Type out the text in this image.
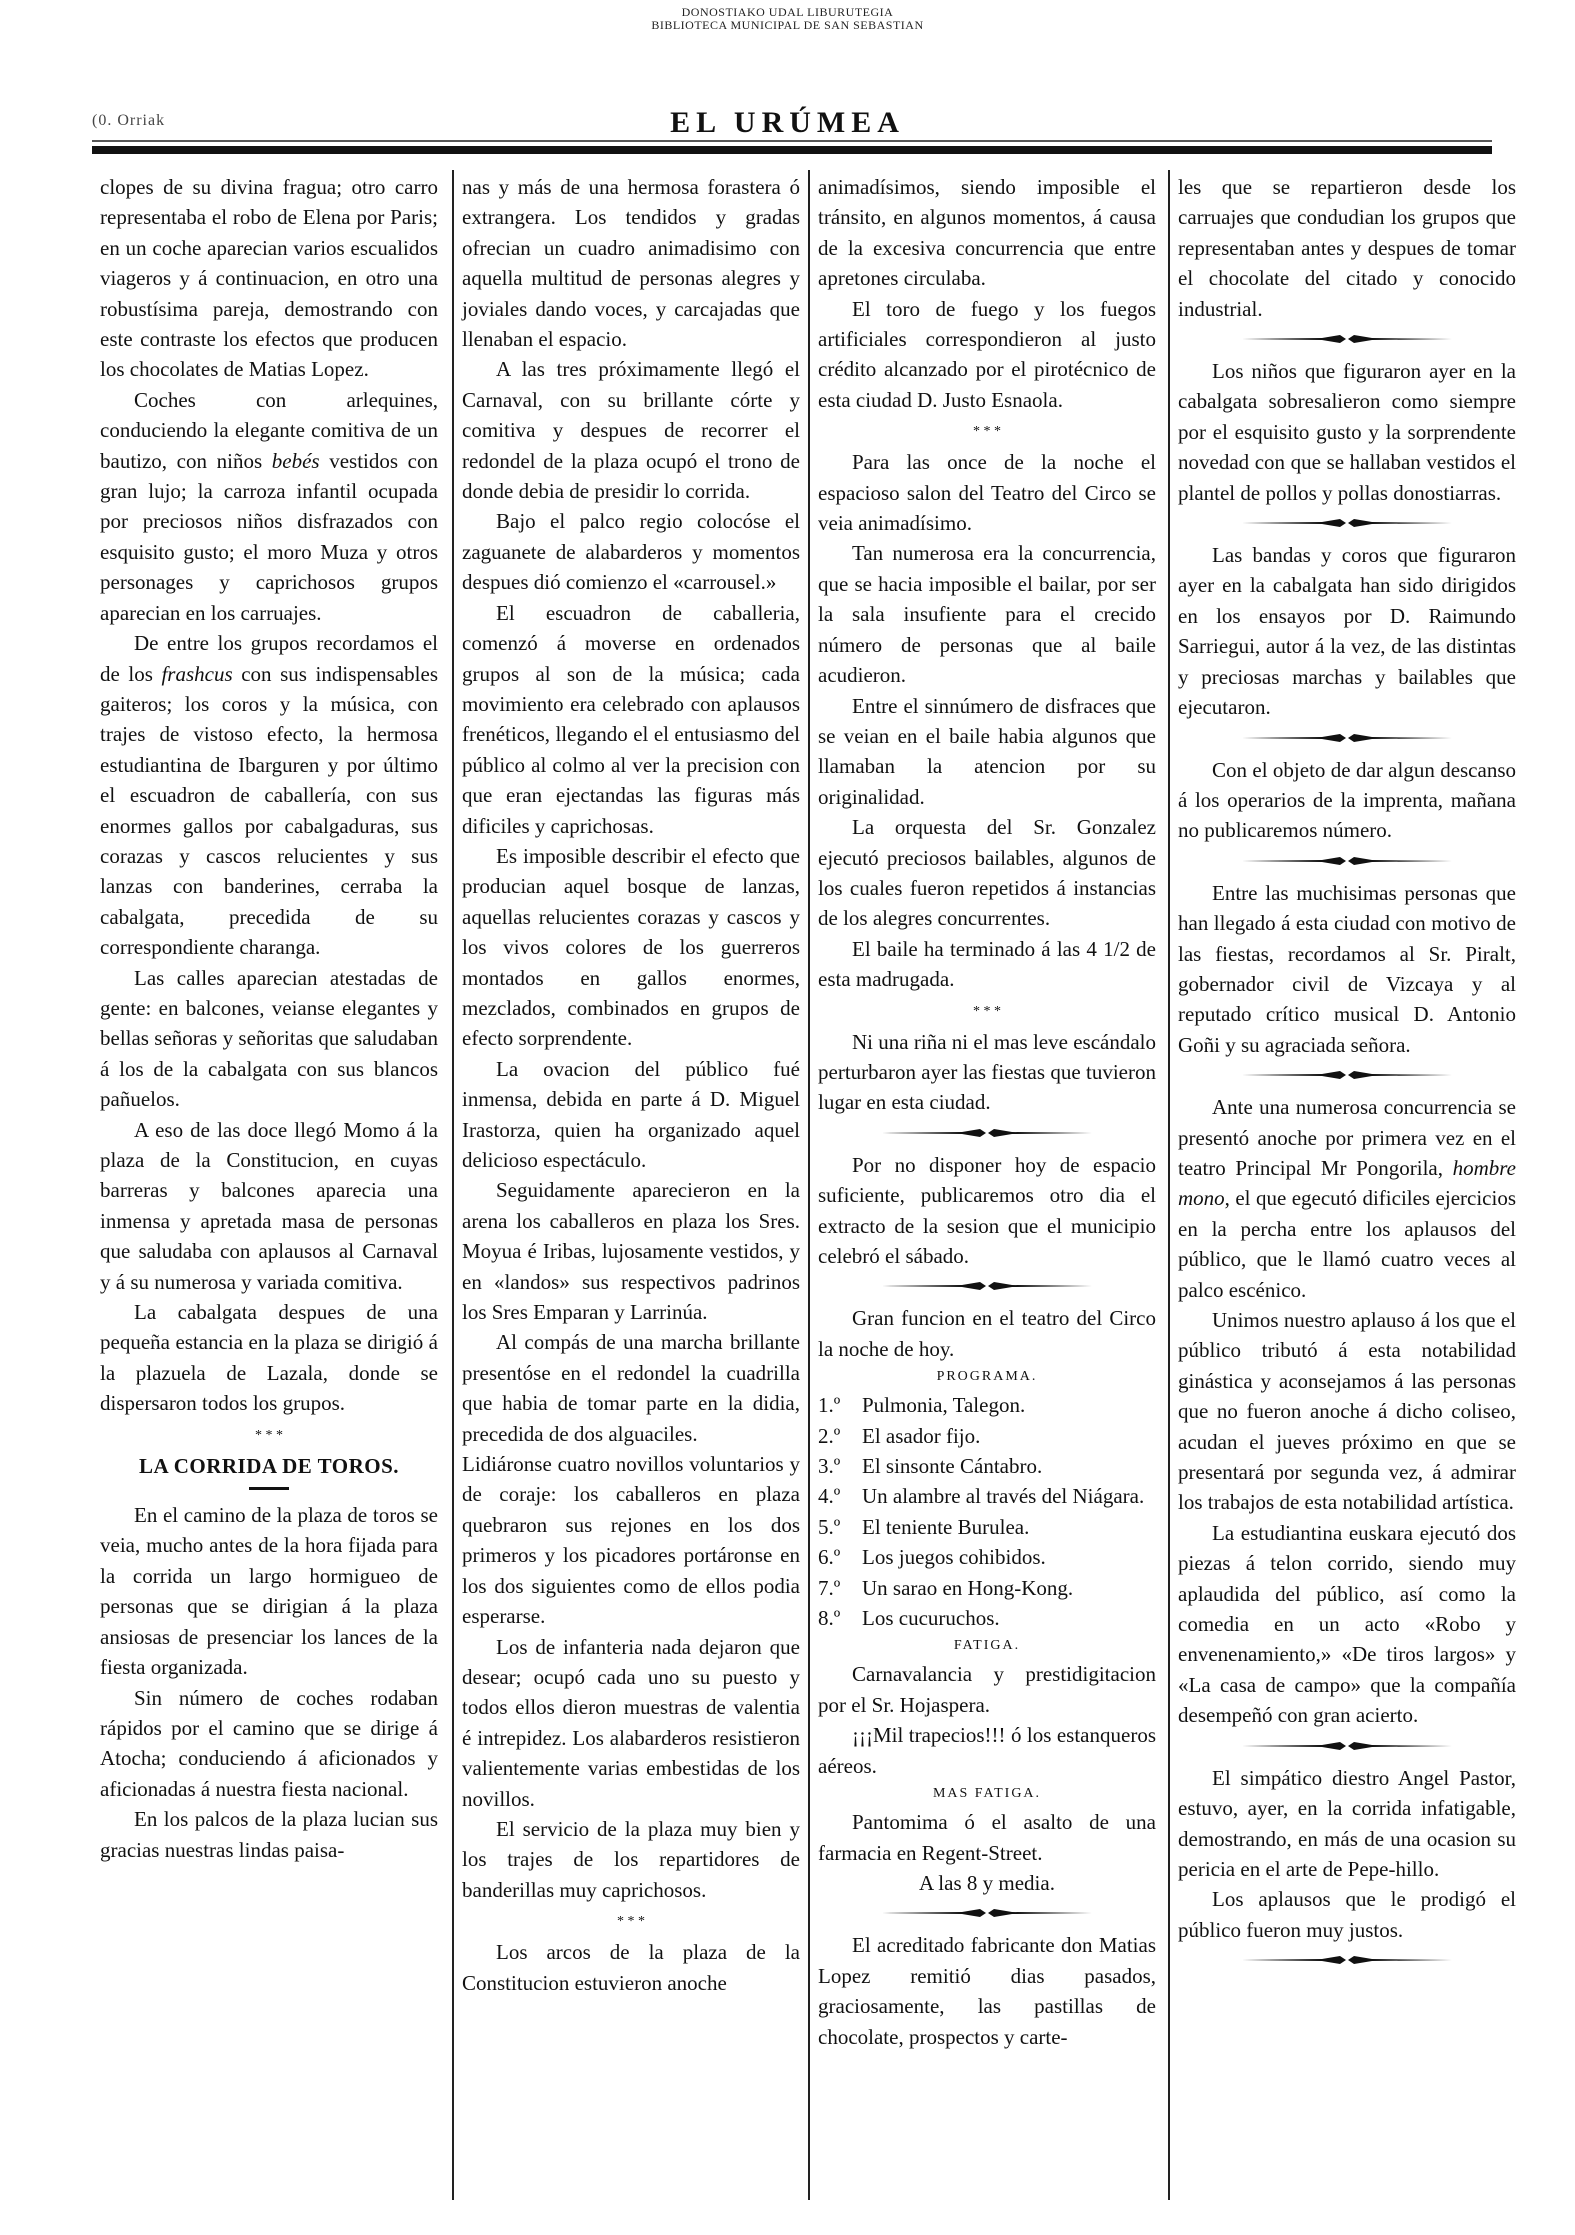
DONOSTIAKO UDAL LIBURUTEGIA
BIBLIOTECA MUNICIPAL DE SAN SEBASTIAN
(0. Orriak	EL URÚMEA

clopes de su divina fragua; otro carro representaba el robo de Elena por Paris; en un coche aparecian varios escualidos viageros y á continuacion, en otro una robustísima pareja, demostrando con este contraste los efectos que producen los chocolates de Matias Lopez.

Coches con arlequines, conduciendo la elegante comitiva de un bautizo, con niños bebés vestidos con gran lujo; la carroza infantil ocupada por preciosos niños disfrazados con esquisito gusto; el moro Muza y otros personages y caprichosos grupos aparecian en los carruajes.

De entre los grupos recordamos el de los frashcus con sus indispensables gaiteros; los coros y la música, con trajes de vistoso efecto, la hermosa estudiantina de Ibarguren y por último el escuadron de caballería, con sus enormes gallos por cabalgaduras, sus corazas y cascos relucientes y sus lanzas con banderines, cerraba la cabalgata, precedida de su correspondiente charanga.

Las calles aparecian atestadas de gente: en balcones, veianse elegantes y bellas señoras y señoritas que saludaban á los de la cabalgata con sus blancos pañuelos.

A eso de las doce llegó Momo á la plaza de la Constitucion, en cuyas barreras y balcones aparecia una inmensa y apretada masa de personas que saludaba con aplausos al Carnaval y á su numerosa y variada comitiva.

La cabalgata despues de una pequeña estancia en la plaza se dirigió á la plazuela de Lazala, donde se dispersaron todos los grupos.

* * *
LA CORRIDA DE TOROS.

En el camino de la plaza de toros se veia, mucho antes de la hora fijada para la corrida un largo hormigueo de personas que se dirigian á la plaza ansiosas de presenciar los lances de la fiesta organizada.

Sin número de coches rodaban rápidos por el camino que se dirige á Atocha; conduciendo á aficionados y aficionadas á nuestra fiesta nacional.

En los palcos de la plaza lucian sus gracias nuestras lindas paisa-

nas y más de una hermosa forastera ó extrangera. Los tendidos y gradas ofrecian un cuadro animadisimo con aquella multitud de personas alegres y joviales dando voces, y carcajadas que llenaban el espacio.

A las tres próximamente llegó el Carnaval, con su brillante córte y comitiva y despues de recorrer el redondel de la plaza ocupó el trono de donde debia de presidir lo corrida.

Bajo el palco regio colocóse el zaguanete de alabarderos y momentos despues dió comienzo el «carrousel.»

El escuadron de caballeria, comenzó á moverse en ordenados grupos al son de la música; cada movimiento era celebrado con aplausos frenéticos, llegando el el entusiasmo del público al colmo al ver la precision con que eran ejectandas las figuras más dificiles y caprichosas.

Es imposible describir el efecto que producian aquel bosque de lanzas, aquellas relucientes corazas y cascos y los vivos colores de los guerreros montados en gallos enormes, mezclados, combinados en grupos de efecto sorprendente.

La ovacion del público fué inmensa, debida en parte á D. Miguel Irastorza, quien ha organizado aquel delicioso espectáculo.

Seguidamente aparecieron en la arena los caballeros en plaza los Sres. Moyua é Iribas, lujosamente vestidos, y en «landos» sus respectivos padrinos los Sres Emparan y Larrinúa.

Al compás de una marcha brillante presentóse en el redondel la cuadrilla que habia de tomar parte en la didia, precedida de dos alguaciles.

Lidiáronse cuatro novillos voluntarios y de coraje: los caballeros en plaza quebraron sus rejones en los dos primeros y los picadores portáronse en los dos siguientes como de ellos podia esperarse.

Los de infanteria nada dejaron que desear; ocupó cada uno su puesto y todos ellos dieron muestras de valentia é intrepidez. Los alabarderos resistieron valientemente varias embestidas de los novillos.

El servicio de la plaza muy bien y los trajes de los repartidores de banderillas muy caprichosos.

* * *

Los arcos de la plaza de la Constitucion estuvieron anoche

animadísimos, siendo imposible el tránsito, en algunos momentos, á causa de la excesiva concurrencia que entre apretones circulaba.

El toro de fuego y los fuegos artificiales correspondieron al justo crédito alcanzado por el pirotécnico de esta ciudad D. Justo Esnaola.

* * *

Para las once de la noche el espacioso salon del Teatro del Circo se veia animadísimo.

Tan numerosa era la concurrencia, que se hacia imposible el bailar, por ser la sala insufiente para el crecido número de personas que al baile acudieron.

Entre el sinnúmero de disfraces que se veian en el baile habia algunos que llamaban la atencion por su originalidad.

La orquesta del Sr. Gonzalez ejecutó preciosos bailables, algunos de los cuales fueron repetidos á instancias de los alegres concurrentes.

El baile ha terminado á las 4 1/2 de esta madrugada.

* * *

Ni una riña ni el mas leve escándalo perturbaron ayer las fiestas que tuvieron lugar en esta ciudad.

Por no disponer hoy de espacio suficiente, publicaremos otro dia el extracto de la sesion que el municipio celebró el sábado.

Gran funcion en el teatro del Circo la noche de hoy.

PROGRAMA.

1.º Pulmonia, Talegon.

2.º El asador fijo.

3.º El sinsonte Cántabro.

4.º Un alambre al través del Niágara.

5.º El teniente Burulea.

6.º Los juegos cohibidos.

7.º Un sarao en Hong-Kong.

8.º Los cucuruchos.

FATIGA.

Carnavalancia y prestidigitacion por el Sr. Hojaspera.

¡¡¡Mil trapecios!!! ó los estanqueros aéreos.

MAS FATIGA.

Pantomima ó el asalto de una farmacia en Regent-Street.

A las 8 y media.

El acreditado fabricante don Matias Lopez remitió dias pasados, graciosamente, las pastillas de chocolate, prospectos y carte-

les que se repartieron desde los carruajes que condudian los grupos que representaban antes y despues de tomar el chocolate del citado y conocido industrial.

Los niños que figuraron ayer en la cabalgata sobresalieron como siempre por el esquisito gusto y la sorprendente novedad con que se hallaban vestidos el plantel de pollos y pollas donostiarras.

Las bandas y coros que figuraron ayer en la cabalgata han sido dirigidos en los ensayos por D. Raimundo Sarriegui, autor á la vez, de las distintas y preciosas marchas y bailables que ejecutaron.

Con el objeto de dar algun descanso á los operarios de la imprenta, mañana no publicaremos número.

Entre las muchisimas personas que han llegado á esta ciudad con motivo de las fiestas, recordamos al Sr. Piralt, gobernador civil de Vizcaya y al reputado crítico musical D. Antonio Goñi y su agraciada señora.

Ante una numerosa concurrencia se presentó anoche por primera vez en el teatro Principal Mr Pongorila, hombre mono, el que egecutó dificiles ejercicios en la percha entre los aplausos del público, que le llamó cuatro veces al palco escénico.

Unimos nuestro aplauso á los que el público tributó á esta notabilidad ginástica y aconsejamos á las personas que no fueron anoche á dicho coliseo, acudan el jueves próximo en que se presentará por segunda vez, á admirar los trabajos de esta notabilidad artística.

La estudiantina euskara ejecutó dos piezas á telon corrido, siendo muy aplaudida del público, así como la comedia en un acto «Robo y envenenamiento,» «De tiros largos» y «La casa de campo» que la compañía desempeñó con gran acierto.

El simpático diestro Angel Pastor, estuvo, ayer, en la corrida infatigable, demostrando, en más de una ocasion su pericia en el arte de Pepe-hillo.

Los aplausos que le prodigó el público fueron muy justos.
